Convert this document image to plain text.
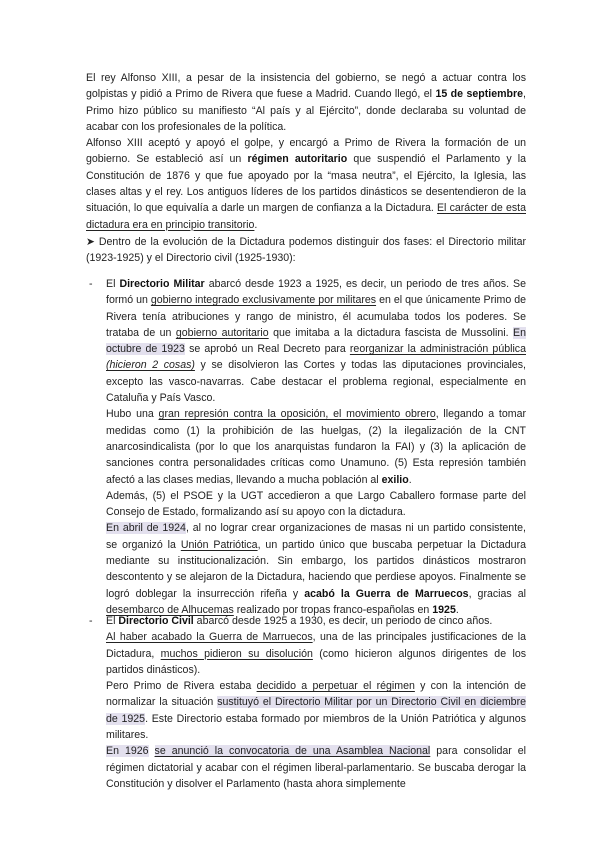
El rey Alfonso XIII, a pesar de la insistencia del gobierno, se negó a actuar contra los golpistas y pidió a Primo de Rivera que fuese a Madrid. Cuando llegó, el 15 de septiembre, Primo hizo público su manifiesto “Al país y al Ejército”, donde declaraba su voluntad de acabar con los profesionales de la política.

Alfonso XIII aceptó y apoyó el golpe, y encargó a Primo de Rivera la formación de un gobierno. Se estableció así un régimen autoritario que suspendió el Parlamento y la Constitución de 1876 y que fue apoyado por la “masa neutra”, el Ejército, la Iglesia, las clases altas y el rey. Los antiguos líderes de los partidos dinásticos se desentendieron de la situación, lo que equivalía a darle un margen de confianza a la Dictadura. El carácter de esta dictadura era en principio transitorio.

➤ Dentro de la evolución de la Dictadura podemos distinguir dos fases: el Directorio militar (1923-1925) y el Directorio civil (1925-1930):

- El Directorio Militar abarcó desde 1923 a 1925, es decir, un periodo de tres años. Se formó un gobierno integrado exclusivamente por militares en el que únicamente Primo de Rivera tenía atribuciones y rango de ministro, él acumulaba todos los poderes. Se trataba de un gobierno autoritario que imitaba a la dictadura fascista de Mussolini. En octubre de 1923 se aprobó un Real Decreto para reorganizar la administración pública (hicieron 2 cosas) y se disolvieron las Cortes y todas las diputaciones provinciales, excepto las vasco-navarras. Cabe destacar el problema regional, especialmente en Cataluña y País Vasco.

Hubo una gran represión contra la oposición, el movimiento obrero, llegando a tomar medidas como (1) la prohibición de las huelgas, (2) la ilegalización de la CNT anarcosindicalista (por lo que los anarquistas fundaron la FAI) y (3) la aplicación de sanciones contra personalidades críticas como Unamuno. (5) Esta represión también afectó a las clases medias, llevando a mucha población al exilio.

Además, (5) el PSOE y la UGT accedieron a que Largo Caballero formase parte del Consejo de Estado, formalizando así su apoyo con la dictadura.

En abril de 1924, al no lograr crear organizaciones de masas ni un partido consistente, se organizó la Unión Patriótica, un partido único que buscaba perpetuar la Dictadura mediante su institucionalización. Sin embargo, los partidos dinásticos mostraron descontento y se alejaron de la Dictadura, haciendo que perdiese apoyos. Finalmente se logró doblegar la insurrección rifeña y acabó la Guerra de Marruecos, gracias al desembarco de Alhucemas realizado por tropas franco-españolas en 1925.

- El Directorio Civil abarcó desde 1925 a 1930, es decir, un periodo de cinco años.

Al haber acabado la Guerra de Marruecos, una de las principales justificaciones de la Dictadura, muchos pidieron su disolución (como hicieron algunos dirigentes de los partidos dinásticos).

Pero Primo de Rivera estaba decidido a perpetuar el régimen y con la intención de normalizar la situación sustituyó el Directorio Militar por un Directorio Civil en diciembre de 1925. Este Directorio estaba formado por miembros de la Unión Patriótica y algunos militares.

En 1926 se anunció la convocatoria de una Asamblea Nacional para consolidar el régimen dictatorial y acabar con el régimen liberal-parlamentario. Se buscaba derogar la Constitución y disolver el Parlamento (hasta ahora simplemente
